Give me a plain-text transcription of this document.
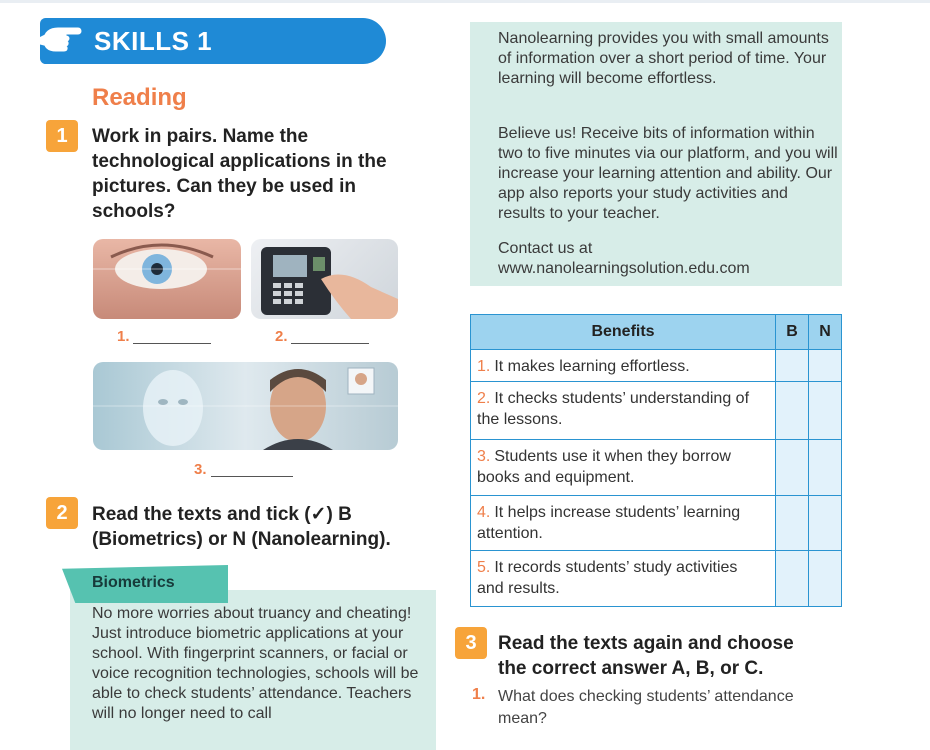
SKILLS 1
Reading
1	Work in pairs. Name the technological applications in the pictures. Can they be used in schools?
1.	2.
3.
2	Read the texts and tick (✓) B (Biometrics) or N (Nanolearning).
Biometrics
No more worries about truancy and cheating! Just introduce biometric applications at your school. With fingerprint scanners, or facial or voice recognition technologies, schools will be able to check students’ attendance. Teachers will no longer need to call
Nanolearning provides you with small amounts of information over a short period of time. Your learning will become effortless.
Believe us! Receive bits of information within two to five minutes via our platform, and you will increase your learning attention and ability. Our app also reports your study activities and results to your teacher.
Contact us at
www.nanolearningsolution.edu.com
Benefits	B	N
1. It makes learning effortless.		
2. It checks students’ understanding of the lessons.		
3. Students use it when they borrow books and equipment.		
4. It helps increase students’ learning attention.		
5. It records students’ study activities and results.		
3	Read the texts again and choose the correct answer A, B, or C.
1. What does checking students’ attendance mean?
